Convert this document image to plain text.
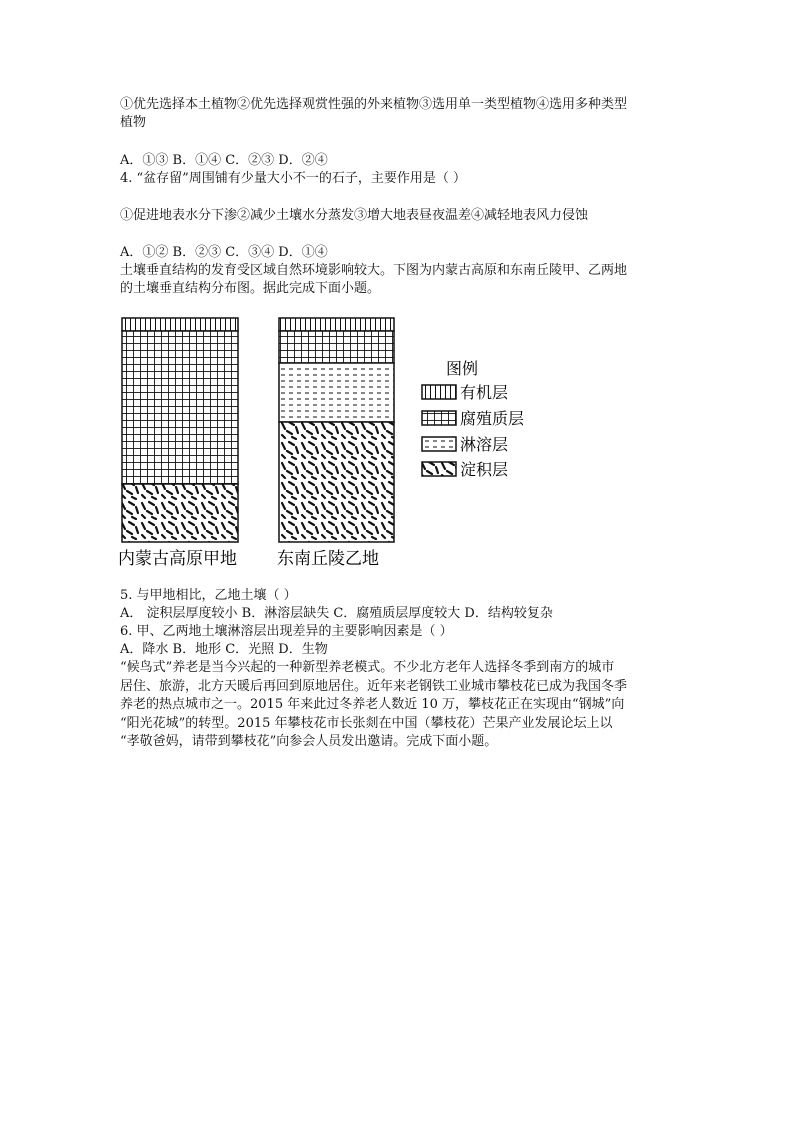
①优先选择本土植物②优先选择观赏性强的外来植物③选用单一类型植物④选用多种类型
植物
A．①③ B．①④ C．②③ D．②④
4. “盆存留”周围铺有少量大小不一的石子，主要作用是（ ）
①促进地表水分下渗②减少土壤水分蒸发③增大地表昼夜温差④减轻地表风力侵蚀
A．①② B．②③ C．③④ D．①④
土壤垂直结构的发育受区域自然环境影响较大。下图为内蒙古高原和东南丘陵甲、乙两地
的土壤垂直结构分布图。据此完成下面小题。
内蒙古高原甲地 东南丘陵乙地
图例
有机层
腐殖质层
淋溶层
淀积层
5. 与甲地相比，乙地土壤（ ）
A． 淀积层厚度较小 B．淋溶层缺失 C．腐殖质层厚度较大 D．结构较复杂
6. 甲、乙两地土壤淋溶层出现差异的主要影响因素是（ ）
A．降水 B．地形 C．光照 D．生物
“候鸟式”养老是当今兴起的一种新型养老模式。不少北方老年人选择冬季到南方的城市
居住、旅游，北方天暖后再回到原地居住。近年来老钢铁工业城市攀枝花已成为我国冬季
养老的热点城市之一。2015 年来此过冬养老人数近 10 万，攀枝花正在实现由“钢城”向
“阳光花城”的转型。2015 年攀枝花市长张剡在中国（攀枝花）芒果产业发展论坛上以
“孝敬爸妈，请带到攀枝花”向参会人员发出邀请。完成下面小题。
